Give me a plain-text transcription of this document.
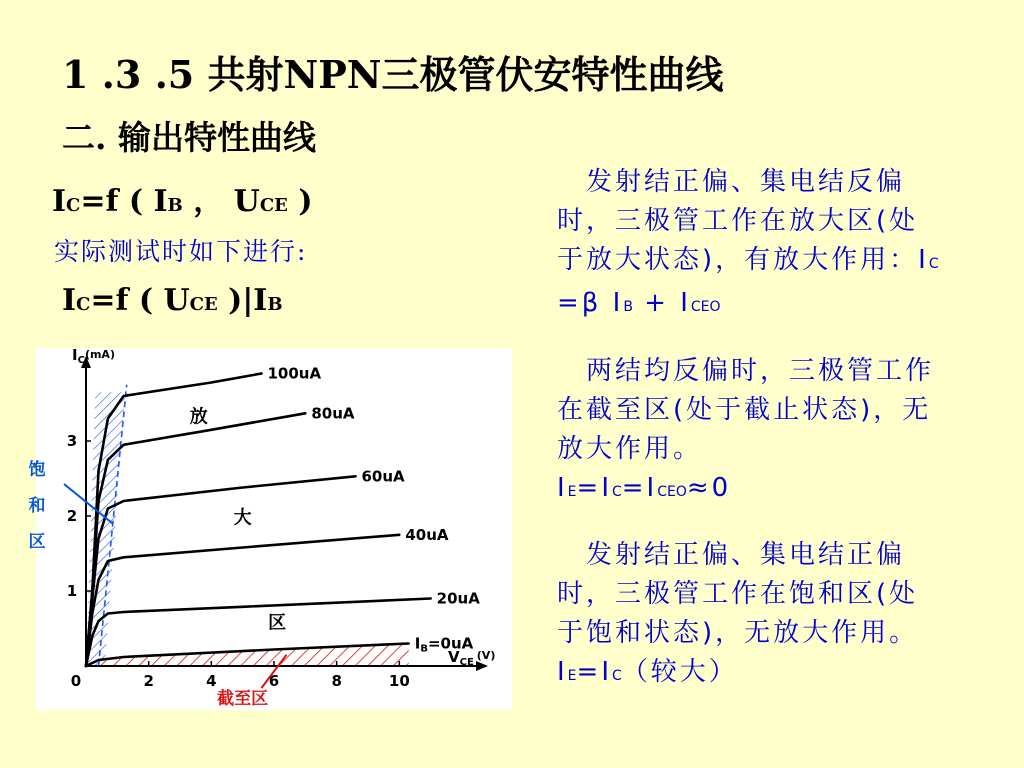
1 .3 .5 共射NPN三极管伏安特性曲线
二. 输出特性曲线
IC=f ( IB ， UCE )
实际测试时如下进行:
IC=f ( UCE )|IB
　发射结正偏、集电结反偏时，三极管工作在放大区(处于放大状态)，有放大作用：IC =β IB + ICEO
　两结均反偏时，三极管工作在截至区(处于截止状态)，无放大作用。
IE=IC=ICEO≈0
　发射结正偏、集电结正偏时，三极管工作在饱和区(处于饱和状态)，无放大作用。IE=IC（较大）
0	2	4	6	8	10
1
2
3
$I_C^{(mA)}$
$V_{CE}^{(V)}$
100uA
80uA
60uA
40uA
20uA
$I_B=0uA$
放
大
区
截至区
饱
和
区
